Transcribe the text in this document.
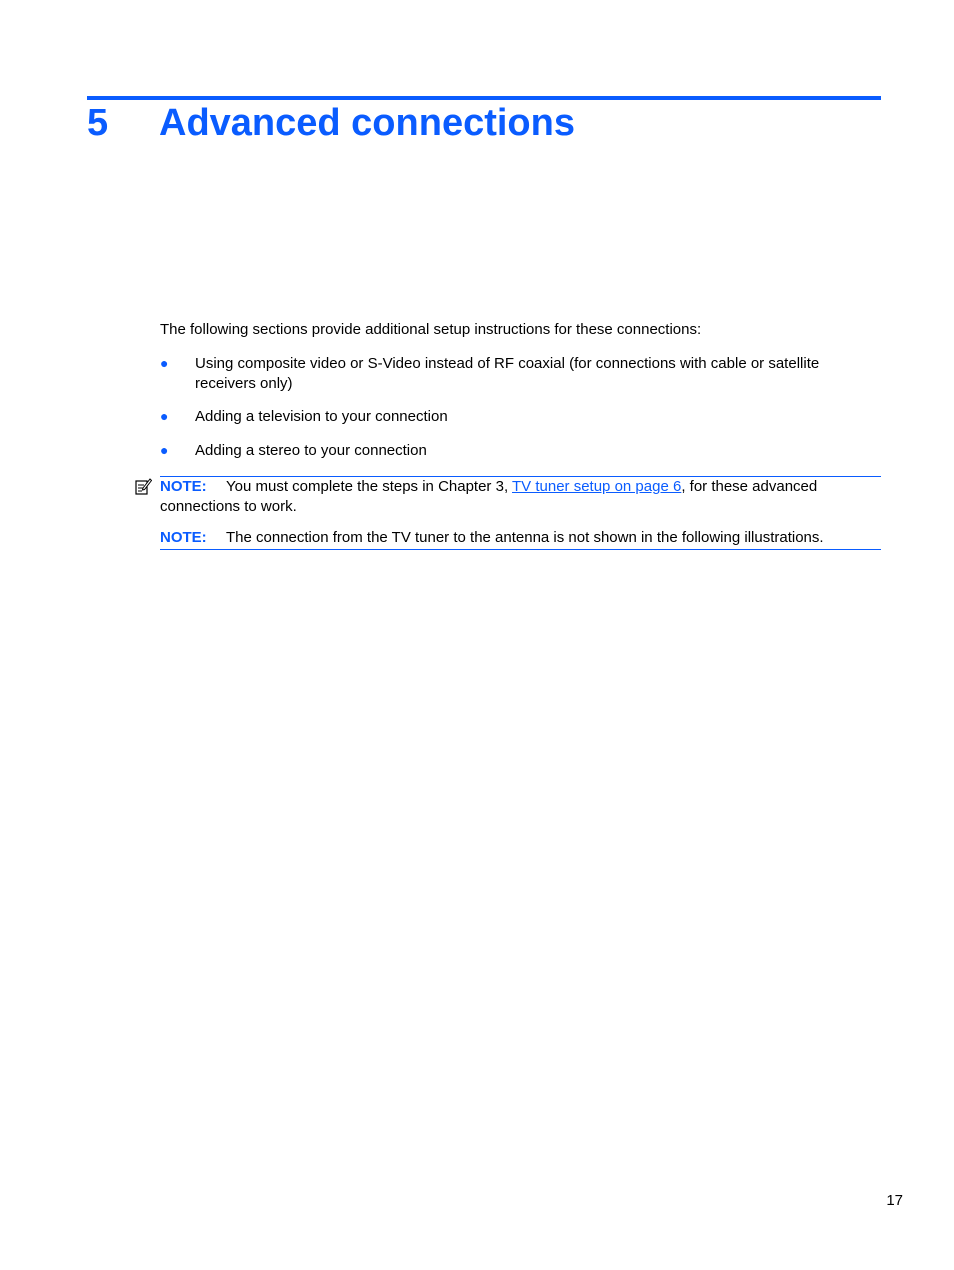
5 Advanced connections

The following sections provide additional setup instructions for these connections:

● Using composite video or S-Video instead of RF coaxial (for connections with cable or satellite receivers only)
● Adding a television to your connection
● Adding a stereo to your connection
NOTE: You must complete the steps in Chapter 3, TV tuner setup on page 6, for these advanced connections to work.
NOTE: The connection from the TV tuner to the antenna is not shown in the following illustrations.
17
